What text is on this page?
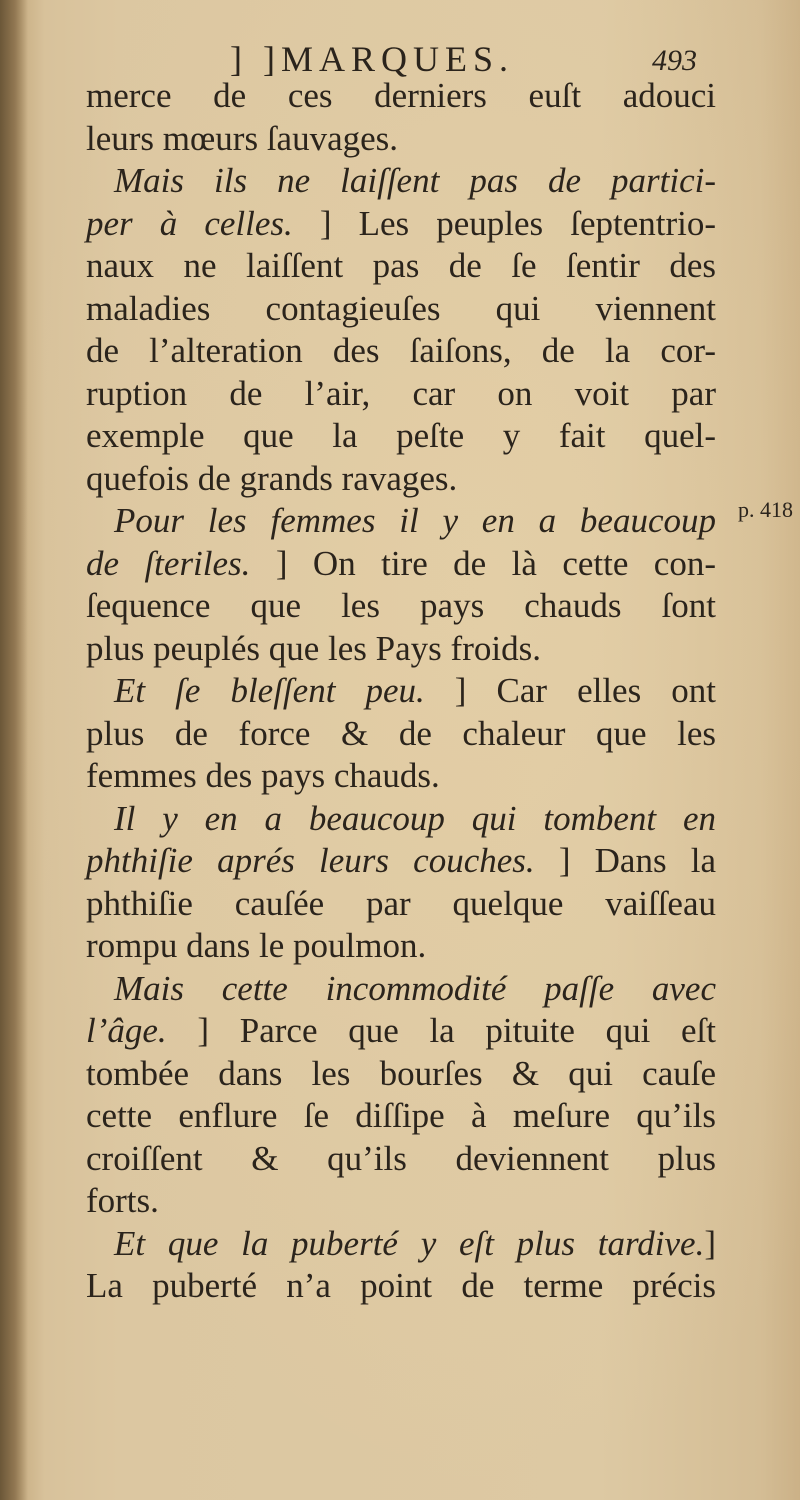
] ]MARQUES.	493
p. 418
merce de ces derniers euſt adouci
leurs mœurs ſauvages.
Mais ils ne laiſſent pas de partici-
per à celles. ] Les peuples ſeptentrio-
naux ne laiſſent pas de ſe ſentir des
maladies contagieuſes qui viennent
de l’alteration des ſaiſons, de la cor-
ruption de l’air, car on voit par
exemple que la peſte y fait quel-
quefois de grands ravages.
Pour les femmes il y en a beaucoup
de ſteriles. ] On tire de là cette con-
ſequence que les pays chauds ſont
plus peuplés que les Pays froids.
Et ſe bleſſent peu. ] Car elles ont
plus de force & de chaleur que les
femmes des pays chauds.
Il y en a beaucoup qui tombent en
phthiſie aprés leurs couches. ] Dans la
phthiſie cauſée par quelque vaiſſeau
rompu dans le poulmon.
Mais cette incommodité paſſe avec
l’âge. ] Parce que la pituite qui eſt
tombée dans les bourſes & qui cauſe
cette enflure ſe diſſipe à meſure qu’ils
croiſſent & qu’ils deviennent plus
forts.
Et que la puberté y eſt plus tardive.]
La puberté n’a point de terme précis
